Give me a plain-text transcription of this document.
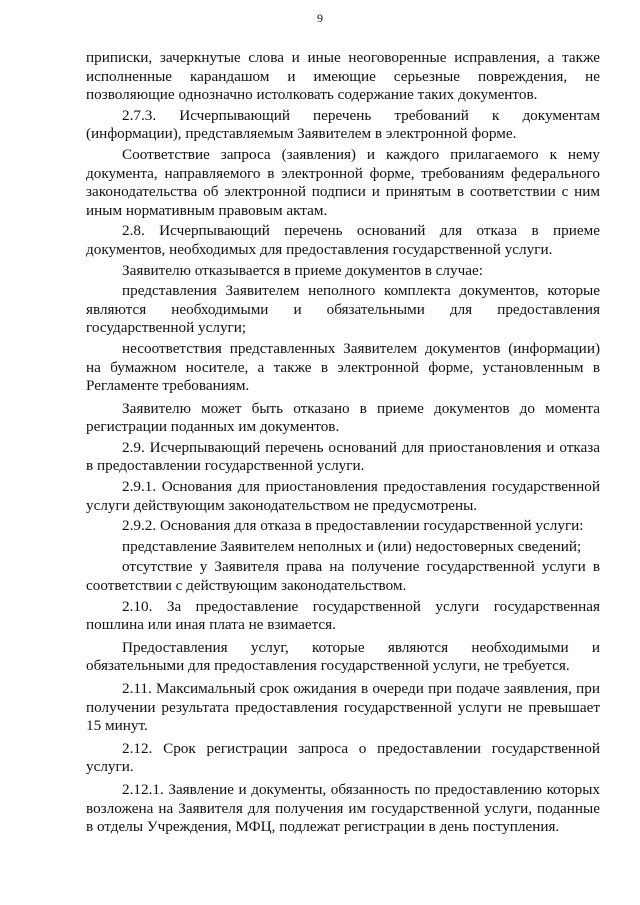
9

приписки, зачеркнутые слова и иные неоговоренные исправления, а также исполненные карандашом и имеющие серьезные повреждения, не позволяющие однозначно истолковать содержание таких документов.

2.7.3. Исчерпывающий перечень требований к документам (информации), представляемым Заявителем в электронной форме.

Соответствие запроса (заявления) и каждого прилагаемого к нему документа, направляемого в электронной форме, требованиям федерального законодательства об электронной подписи и принятым в соответствии с ним иным нормативным правовым актам.

2.8. Исчерпывающий перечень оснований для отказа в приеме документов, необходимых для предоставления государственной услуги.

Заявителю отказывается в приеме документов в случае:

представления Заявителем неполного комплекта документов, которые являются необходимыми и обязательными для предоставления государственной услуги;

несоответствия представленных Заявителем документов (информации) на бумажном носителе, а также в электронной форме, установленным в Регламенте требованиям.

Заявителю может быть отказано в приеме документов до момента регистрации поданных им документов.

2.9. Исчерпывающий перечень оснований для приостановления и отказа в предоставлении государственной услуги.

2.9.1. Основания для приостановления предоставления государственной услуги действующим законодательством не предусмотрены.

2.9.2. Основания для отказа в предоставлении государственной услуги:

представление Заявителем неполных и (или) недостоверных сведений;

отсутствие у Заявителя права на получение государственной услуги в соответствии с действующим законодательством.

2.10. За предоставление государственной услуги государственная пошлина или иная плата не взимается.

Предоставления услуг, которые являются необходимыми и обязательными для предоставления государственной услуги, не требуется.

2.11. Максимальный срок ожидания в очереди при подаче заявления, при получении результата предоставления государственной услуги не превышает 15 минут.

2.12. Срок регистрации запроса о предоставлении государственной услуги.

2.12.1. Заявление и документы, обязанность по предоставлению которых возложена на Заявителя для получения им государственной услуги, поданные в отделы Учреждения, МФЦ, подлежат регистрации в день поступления.
